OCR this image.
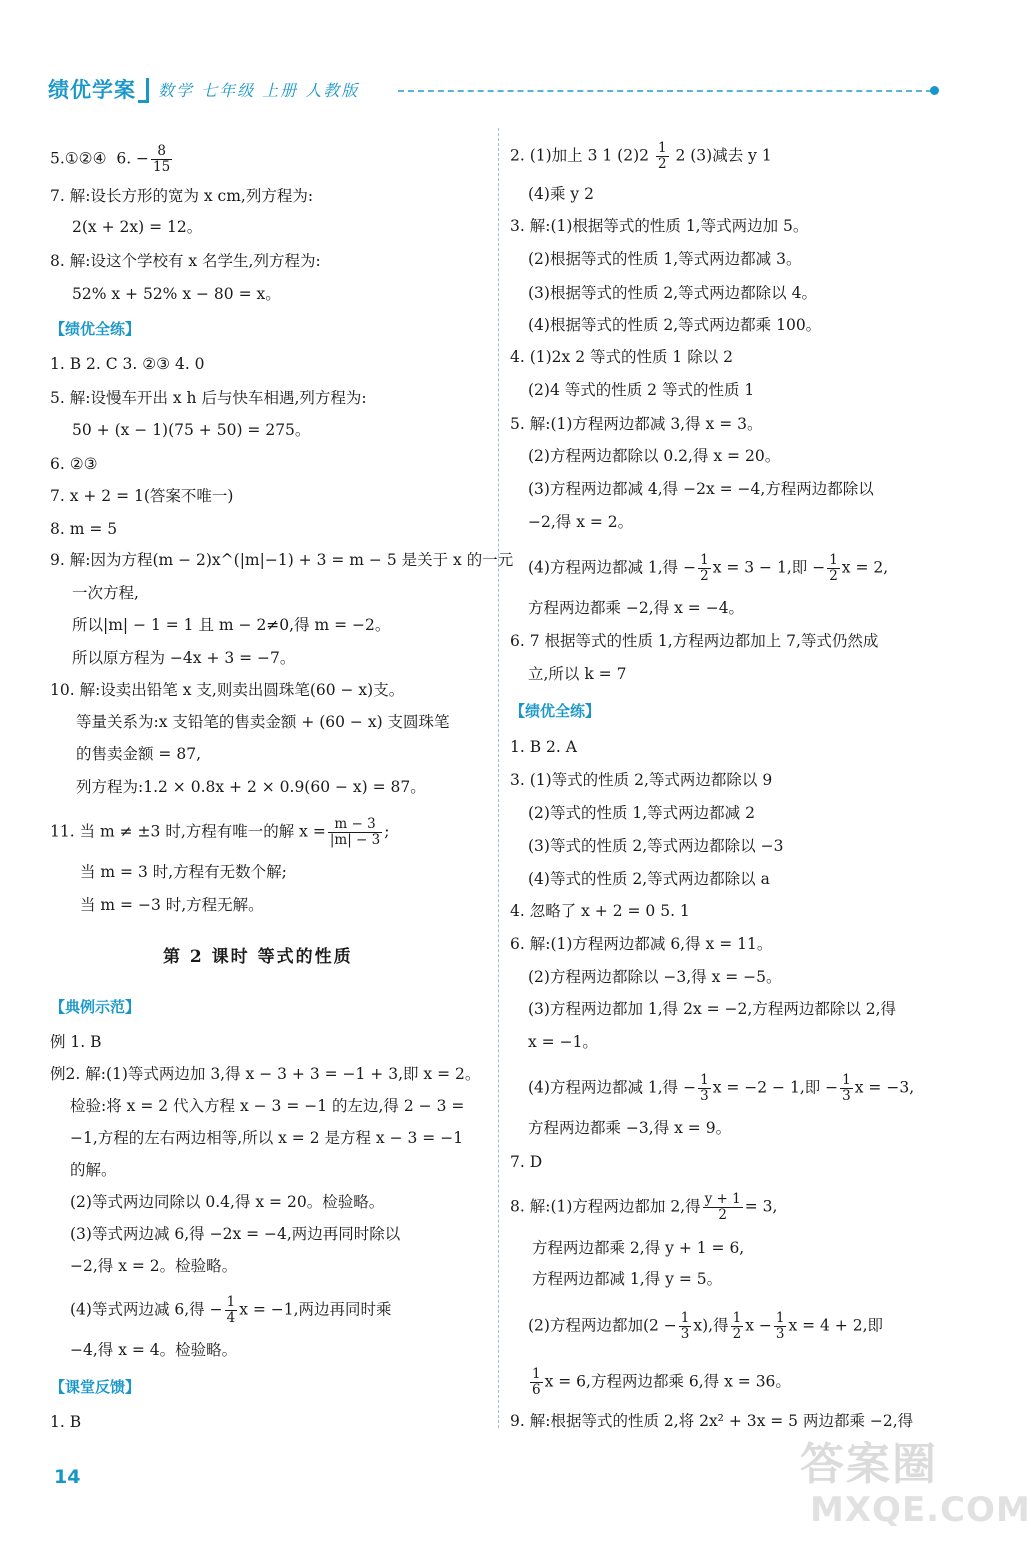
绩优学案 数学 七年级 上册 人教版
5.①②④ 6. − $\frac{8}{15}$
7. 解:设长方形的宽为 x cm,列方程为:
2(x + 2x) = 12。
8. 解:设这个学校有 x 名学生,列方程为:
52% x + 52% x − 80 = x。
【绩优全练】
1. B 2. C 3. ②③ 4. 0
5. 解:设慢车开出 x h 后与快车相遇,列方程为:
50 + (x − 1)(75 + 50) = 275。
6. ②③
7. x + 2 = 1(答案不唯一)
8. m = 5
9. 解:因为方程(m − 2)x^(|m|−1) + 3 = m − 5 是关于 x 的一元
一次方程,
所以|m| − 1 = 1 且 m − 2≠0,得 m = −2。
所以原方程为 −4x + 3 = −7。
10. 解:设卖出铅笔 x 支,则卖出圆珠笔(60 − x)支。
等量关系为:x 支铅笔的售卖金额 + (60 − x) 支圆珠笔
的售卖金额 = 87,
列方程为:1.2 × 0.8x + 2 × 0.9(60 − x) = 87。
11. 当 m ≠ ±3 时,方程有唯一的解 $x = \frac{m - 3}{|m| - 3}$ ;
当 m = 3 时,方程有无数个解;
当 m = −3 时,方程无解。
第 2 课时 等式的性质
【典例示范】
例 1. B
例2. 解:(1)等式两边加 3,得 x − 3 + 3 = −1 + 3,即 x = 2。
检验:将 x = 2 代入方程 x − 3 = −1 的左边,得 2 − 3 =
−1,方程的左右两边相等,所以 x = 2 是方程 x − 3 = −1
的解。
(2)等式两边同除以 0.4,得 x = 20。检验略。
(3)等式两边减 6,得 −2x = −4,两边再同时除以
−2,得 x = 2。检验略。
(4)等式两边减 6,得 − $\frac{1}{4}$ x = −1,两边再同时乘
−4,得 x = 4。检验略。
【课堂反馈】
1. B
14
2. (1)加上 3 1 $(2)2 \frac{1}{2} 2$ (3)减去 y 1
(4)乘 y 2
3. 解:(1)根据等式的性质 1,等式两边加 5。
(2)根据等式的性质 1,等式两边都减 3。
(3)根据等式的性质 2,等式两边都除以 4。
(4)根据等式的性质 2,等式两边都乘 100。
4. (1)2x 2 等式的性质 1 除以 2
(2)4 等式的性质 2 等式的性质 1
5. 解:(1)方程两边都减 3,得 x = 3。
(2)方程两边都除以 0.2,得 x = 20。
(3)方程两边都减 4,得 −2x = −4,方程两边都除以
−2,得 x = 2。
(4)方程两边都减 1,得 − $\frac{1}{2}$ x = 3 − 1,即 − $\frac{1}{2}$ x = 2,
方程两边都乘 −2,得 x = −4。
6. 7 根据等式的性质 1,方程两边都加上 7,等式仍然成
立,所以 k = 7
【绩优全练】
1. B 2. A
3. (1)等式的性质 2,等式两边都除以 9
(2)等式的性质 1,等式两边都减 2
(3)等式的性质 2,等式两边都除以 −3
(4)等式的性质 2,等式两边都除以 a
4. 忽略了 x + 2 = 0 5. 1
6. 解:(1)方程两边都减 6,得 x = 11。
(2)方程两边都除以 −3,得 x = −5。
(3)方程两边都加 1,得 2x = −2,方程两边都除以 2,得
x = −1。
(4)方程两边都减 1,得 − $\frac{1}{3}$ x = −2 − 1,即 − $\frac{1}{3}$ x = −3,
方程两边都乘 −3,得 x = 9。
7. D
8. 解:(1)方程两边都加 2,得 $\frac{y + 1}{2} = 3$,
方程两边都乘 2,得 y + 1 = 6,
方程两边都减 1,得 y = 5。
(2)方程两边都加$(2 - \frac{1}{3} x)$,得 $\frac{1}{2}$ $x - \frac{1}{3}$ x = 4 + 2,即
$\frac{1}{6}$ x = 6,方程两边都乘 6,得 x = 36。
9. 解:根据等式的性质 2,将 2x² + 3x = 5 两边都乘 −2,得
答案圈
MXQE.COM
